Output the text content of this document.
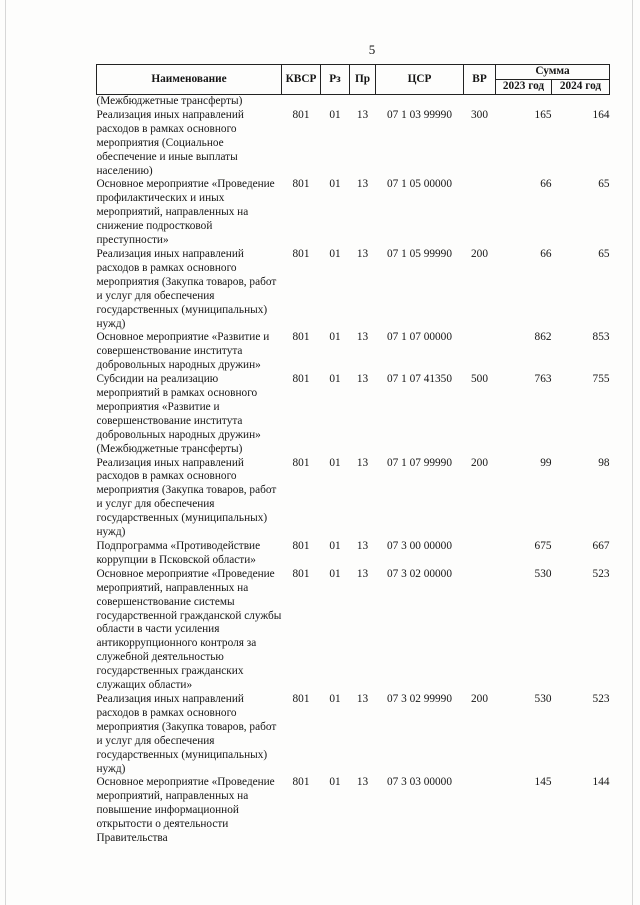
5
Наименование	КВСР	Рз	Пр	ЦСР	ВР	Сумма	
						2023 год	2024 год
(Межбюджетные трансферты)							
Реализация иных направлений расходов в рамках основного мероприятия (Социальное обеспечение и иные выплаты населению)	801	01	13	07 1 03 99990	300	165	164
Основное мероприятие «Проведение профилактических и иных мероприятий, направленных на снижение подростковой преступности»	801	01	13	07 1 05 00000		66	65
Реализация иных направлений расходов в рамках основного мероприятия (Закупка товаров, работ и услуг для обеспечения государственных (муниципальных) нужд)	801	01	13	07 1 05 99990	200	66	65
Основное мероприятие «Развитие и совершенствование института добровольных народных дружин»	801	01	13	07 1 07 00000		862	853
Субсидии на реализацию мероприятий в рамках основного мероприятия «Развитие и совершенствование института добровольных народных дружин» (Межбюджетные трансферты)	801	01	13	07 1 07 41350	500	763	755
Реализация иных направлений расходов в рамках основного мероприятия (Закупка товаров, работ и услуг для обеспечения государственных (муниципальных) нужд)	801	01	13	07 1 07 99990	200	99	98
Подпрограмма «Противодействие коррупции в Псковской области»	801	01	13	07 3 00 00000		675	667
Основное мероприятие «Проведение мероприятий, направленных на совершенствование системы государственной гражданской службы области в части усиления антикоррупционного контроля за служебной деятельностью государственных гражданских служащих области»	801	01	13	07 3 02 00000		530	523
Реализация иных направлений расходов в рамках основного мероприятия (Закупка товаров, работ и услуг для обеспечения государственных (муниципальных) нужд)	801	01	13	07 3 02 99990	200	530	523
Основное мероприятие «Проведение мероприятий, направленных на повышение информационной открытости о деятельности Правительства	801	01	13	07 3 03 00000		145	144
